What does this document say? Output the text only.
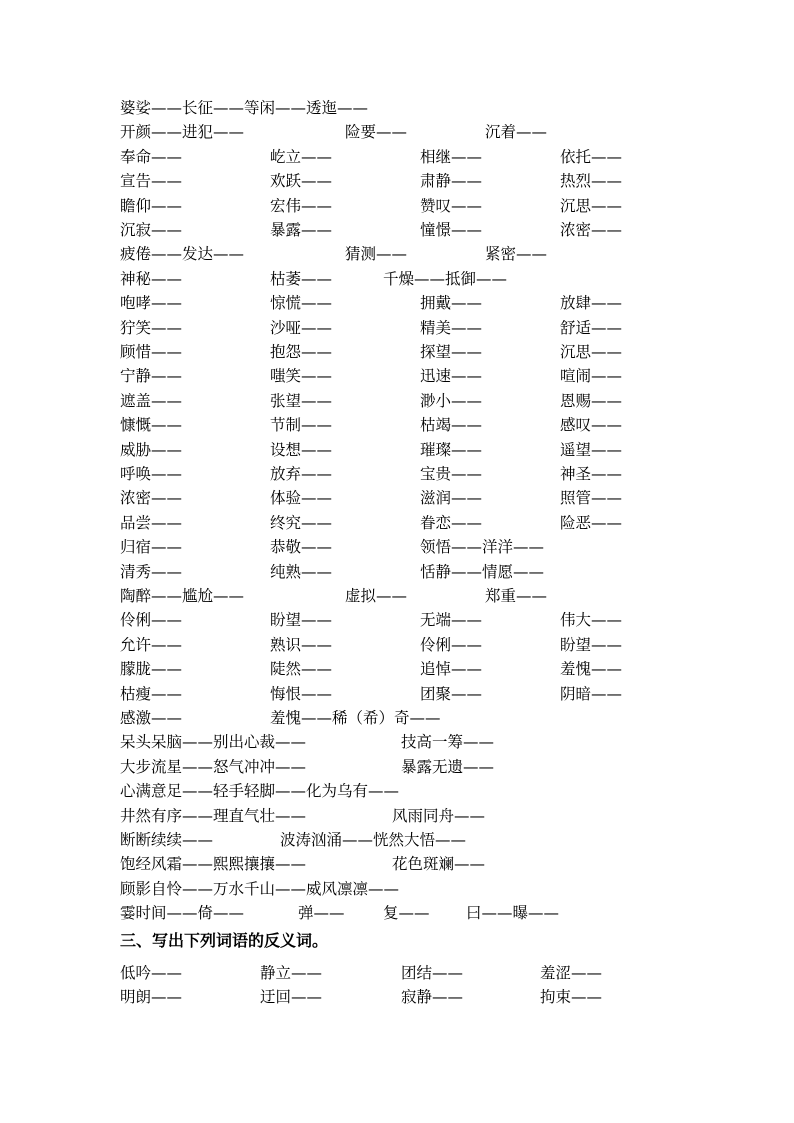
婆娑——长征——等闲——透迤——
开颜——进犯——	险要——	沉着——
奉命——	屹立——	相继——	依托——
宣告——	欢跃——	肃静——	热烈——
瞻仰——	宏伟——	赞叹——	沉思——
沉寂——	暴露——	憧憬——	浓密——
疲倦——发达——	猜测——	紧密——
神秘——	枯萎——	千燥——抵御——
咆哮——	惊慌——	拥戴——	放肆——
狞笑——	沙哑——	精美——	舒适——
顾惜——	抱怨——	探望——	沉思——
宁静——	嗤笑——	迅速——	喧闹——
遮盖——	张望——	渺小——	恩赐——
慷慨——	节制——	枯竭——	感叹——
威胁——	设想——	璀璨——	遥望——
呼唤——	放弃——	宝贵——	神圣——
浓密——	体验——	滋润——	照管——
品尝——	终究——	眷恋——	险恶——
归宿——	恭敬——	领悟——洋洋——
清秀——	纯熟——	恬静——情愿——
陶醉——尴尬——	虚拟——	郑重——
伶俐——	盼望——	无端——	伟大——
允许——	熟识——	伶俐——	盼望——
朦胧——	陡然——	追悼——	羞愧——
枯瘦——	悔恨——	团聚——	阴暗——
感激——	羞愧——稀（希）奇——
呆头呆脑——别出心裁——	技高一筹——
大步流星——怒气冲冲——	暴露无遗——
心满意足——轻手轻脚——化为乌有——
井然有序——理直气壮——	风雨同舟——
断断续续——	波涛汹涌——恍然大悟——
饱经风霜——熙熙攘攘——	花色斑斓——
顾影自怜——万水千山——威风凛凛——
霎时间——倚——	弹—— 复—— 曰——曝——
三、写出下列词语的反义词。
低吟——	静立——	团结——	羞涩——
明朗——	迂回——	寂静——	拘束——
